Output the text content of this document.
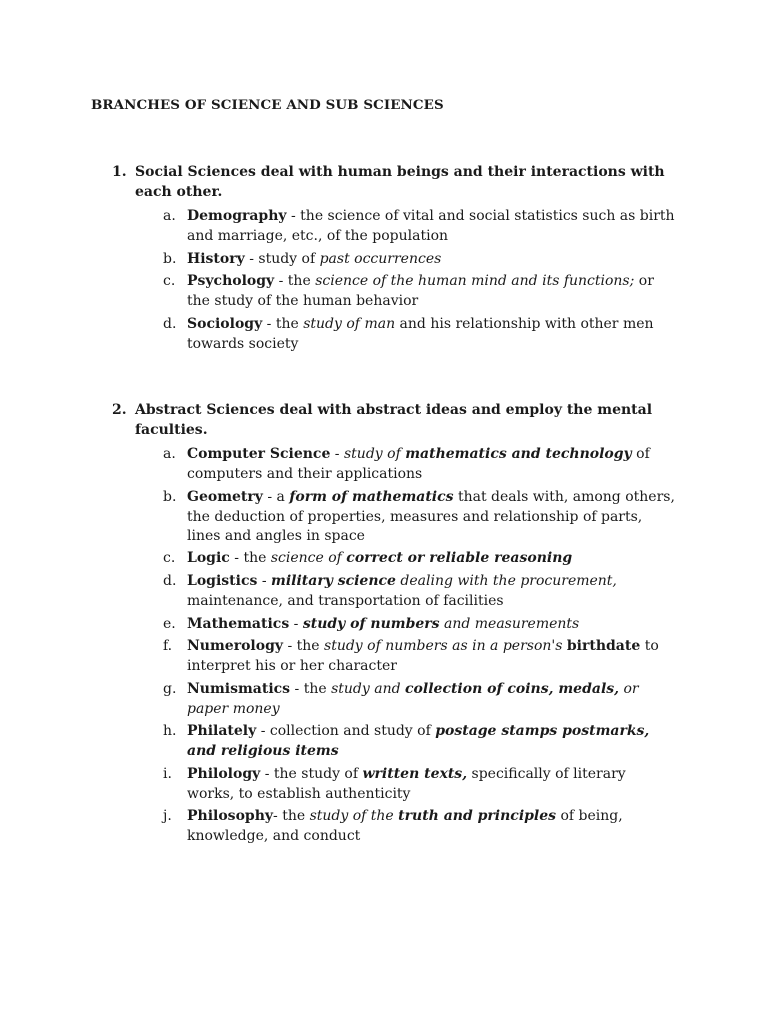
BRANCHES OF SCIENCE AND SUB SCIENCES
1. Social Sciences deal with human beings and their interactions with each other.
a. Demography - the science of vital and social statistics such as birth and marriage, etc., of the population
b. History - study of past occurrences
c. Psychology - the science of the human mind and its functions; or the study of the human behavior
d. Sociology - the study of man and his relationship with other men towards society
2. Abstract Sciences deal with abstract ideas and employ the mental faculties.
a. Computer Science - study of mathematics and technology of computers and their applications
b. Geometry - a form of mathematics that deals with, among others, the deduction of properties, measures and relationship of parts, lines and angles in space
c. Logic - the science of correct or reliable reasoning
d. Logistics - military science dealing with the procurement, maintenance, and transportation of facilities
e. Mathematics - study of numbers and measurements
f.	Numerology - the study of numbers as in a person's birthdate to interpret his or her character
g. Numismatics - the study and collection of coins, medals, or paper money
h. Philately - collection and study of postage stamps postmarks, and religious items
i.	Philology - the study of written texts, specifically of literary works, to establish authenticity
j.	Philosophy- the study of the truth and principles of being, knowledge, and conduct
